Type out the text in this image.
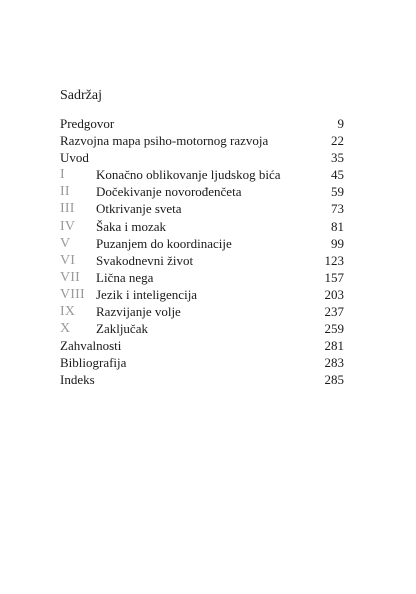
Sadržaj
Predgovor	9
Razvojna mapa psiho-motornog razvoja	22
Uvod	35
I Konačno oblikovanje ljudskog bića	45
II Dočekivanje novorođenčeta	59
III Otkrivanje sveta	73
IV Šaka i mozak	81
V Puzanjem do koordinacije	99
VI Svakodnevni život	123
VII Lična nega	157
VIII Jezik i inteligencija	203
IX Razvijanje volje	237
X Zaključak	259
Zahvalnosti	281
Bibliografija	283
Indeks	285
